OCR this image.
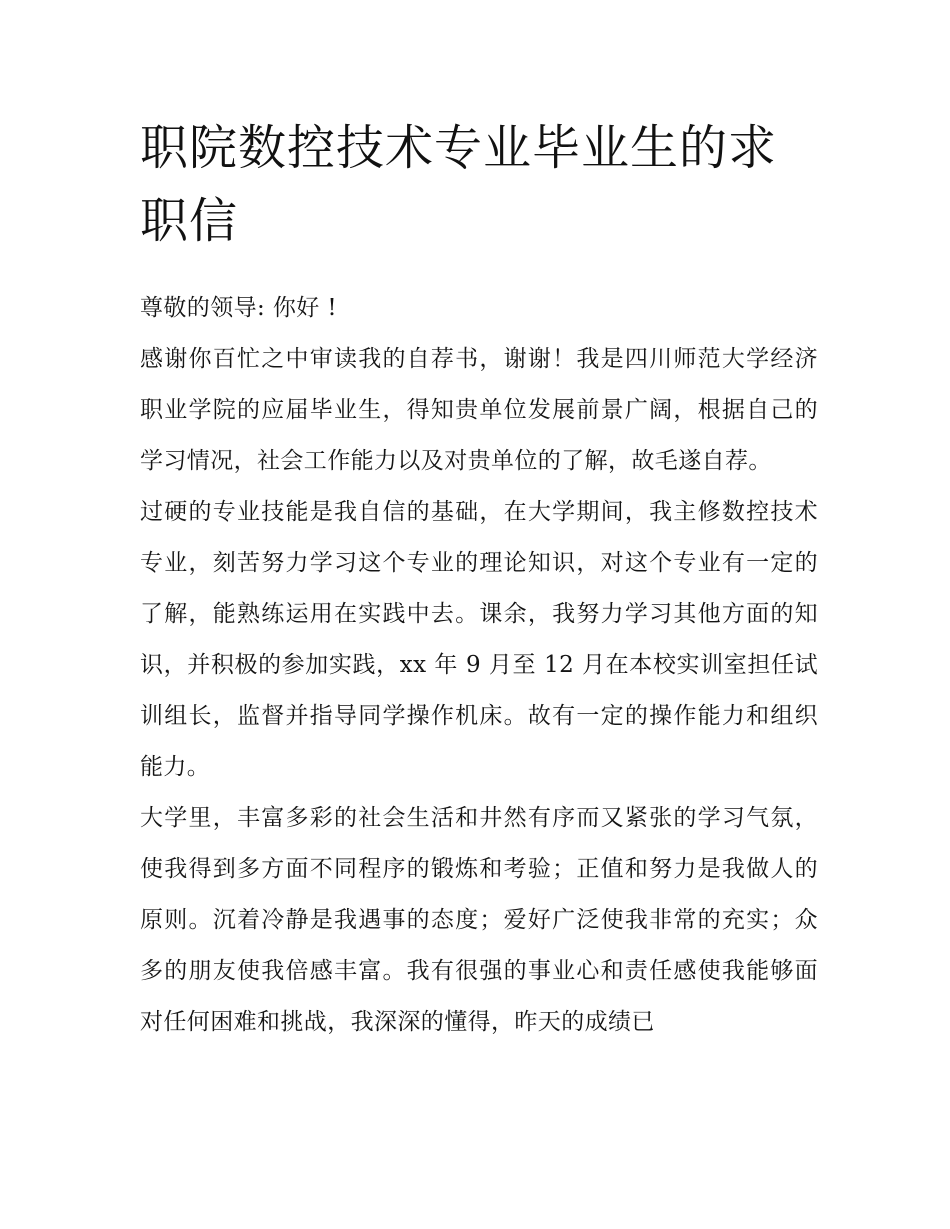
职院数控技术专业毕业生的求职信

尊敬的领导: 你好 !

感谢你百忙之中审读我的自荐书，谢谢！我是四川师范大学经济职业学院的应届毕业生，得知贵单位发展前景广阔，根据自己的学习情况，社会工作能力以及对贵单位的了解，故毛遂自荐。

过硬的专业技能是我自信的基础，在大学期间，我主修数控技术专业，刻苦努力学习这个专业的理论知识，对这个专业有一定的了解，能熟练运用在实践中去。课余，我努力学习其他方面的知识，并积极的参加实践，xx 年 9 月至 12 月在本校实训室担任试训组长，监督并指导同学操作机床。故有一定的操作能力和组织能力。

大学里，丰富多彩的社会生活和井然有序而又紧张的学习气氛，使我得到多方面不同程序的锻炼和考验；正值和努力是我做人的原则。沉着冷静是我遇事的态度；爱好广泛使我非常的充实；众多的朋友使我倍感丰富。我有很强的事业心和责任感使我能够面对任何困难和挑战，我深深的懂得，昨天的成绩已
